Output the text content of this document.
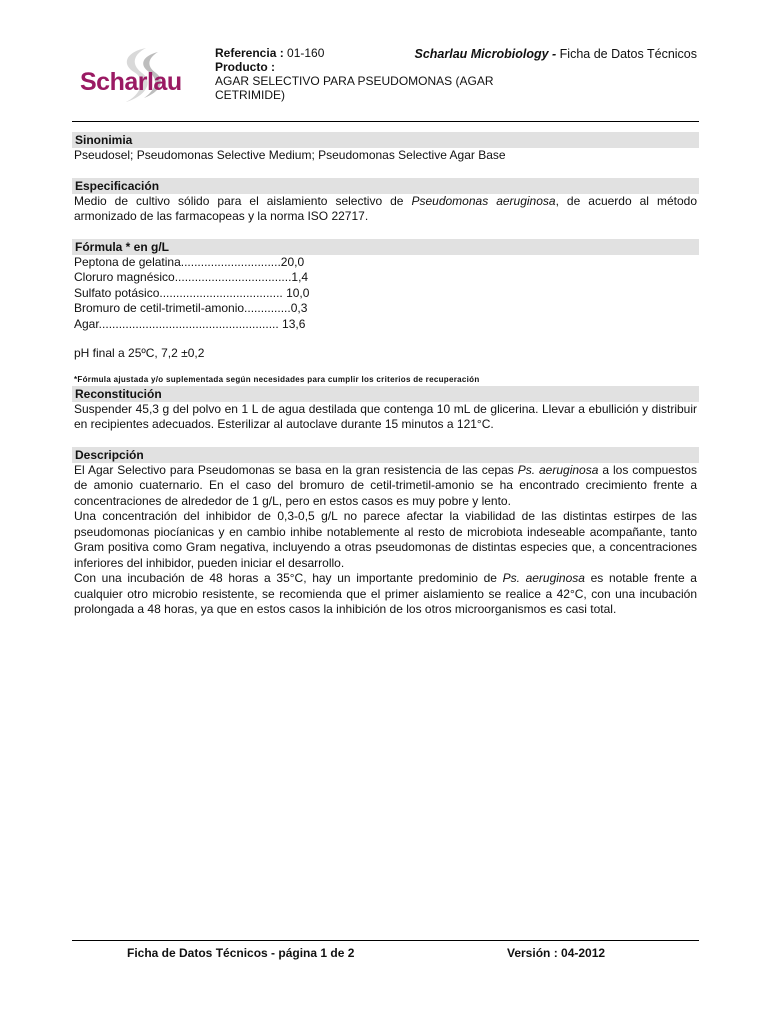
Scharlau
Referencia : 01-160
Producto :
AGAR SELECTIVO PARA PSEUDOMONAS (AGAR
CETRIMIDE)
Scharlau Microbiology - Ficha de Datos Técnicos
Sinonimia
Pseudosel; Pseudomonas Selective Medium; Pseudomonas Selective Agar Base
Especificación
Medio de cultivo sólido para el aislamiento selectivo de Pseudomonas aeruginosa, de acuerdo al método armonizado de las farmacopeas y la norma ISO 22717.
Fórmula * en g/L
Peptona de gelatina..............................20,0
Cloruro magnésico...................................1,4
Sulfato potásico..................................... 10,0
Bromuro de cetil-trimetil-amonio..............0,3
Agar...................................................... 13,6
pH final a 25ºC, 7,2 ±0,2
*Fórmula ajustada y/o suplementada según necesidades para cumplir los criterios de recuperación
Reconstitución
Suspender 45,3 g del polvo en 1 L de agua destilada que contenga 10 mL de glicerina. Llevar a ebullición y distribuir en recipientes adecuados. Esterilizar al autoclave durante 15 minutos a 121°C.
Descripción
El Agar Selectivo para Pseudomonas se basa en la gran resistencia de las cepas Ps. aeruginosa a los compuestos de amonio cuaternario. En el caso del bromuro de cetil-trimetil-amonio se ha encontrado crecimiento frente a concentraciones de alrededor de 1 g/L, pero en estos casos es muy pobre y lento.
Una concentración del inhibidor de 0,3-0,5 g/L no parece afectar la viabilidad de las distintas estirpes de las pseudomonas piocíanicas y en cambio inhibe notablemente al resto de microbiota indeseable acompañante, tanto Gram positiva como Gram negativa, incluyendo a otras pseudomonas de distintas especies que, a concentraciones inferiores del inhibidor, pueden iniciar el desarrollo.
Con una incubación de 48 horas a 35°C, hay un importante predominio de Ps. aeruginosa es notable frente a cualquier otro microbio resistente, se recomienda que el primer aislamiento se realice a 42°C, con una incubación prolongada a 48 horas, ya que en estos casos la inhibición de los otros microorganismos es casi total.
Ficha de Datos Técnicos - página 1 de 2	Versión : 04-2012
